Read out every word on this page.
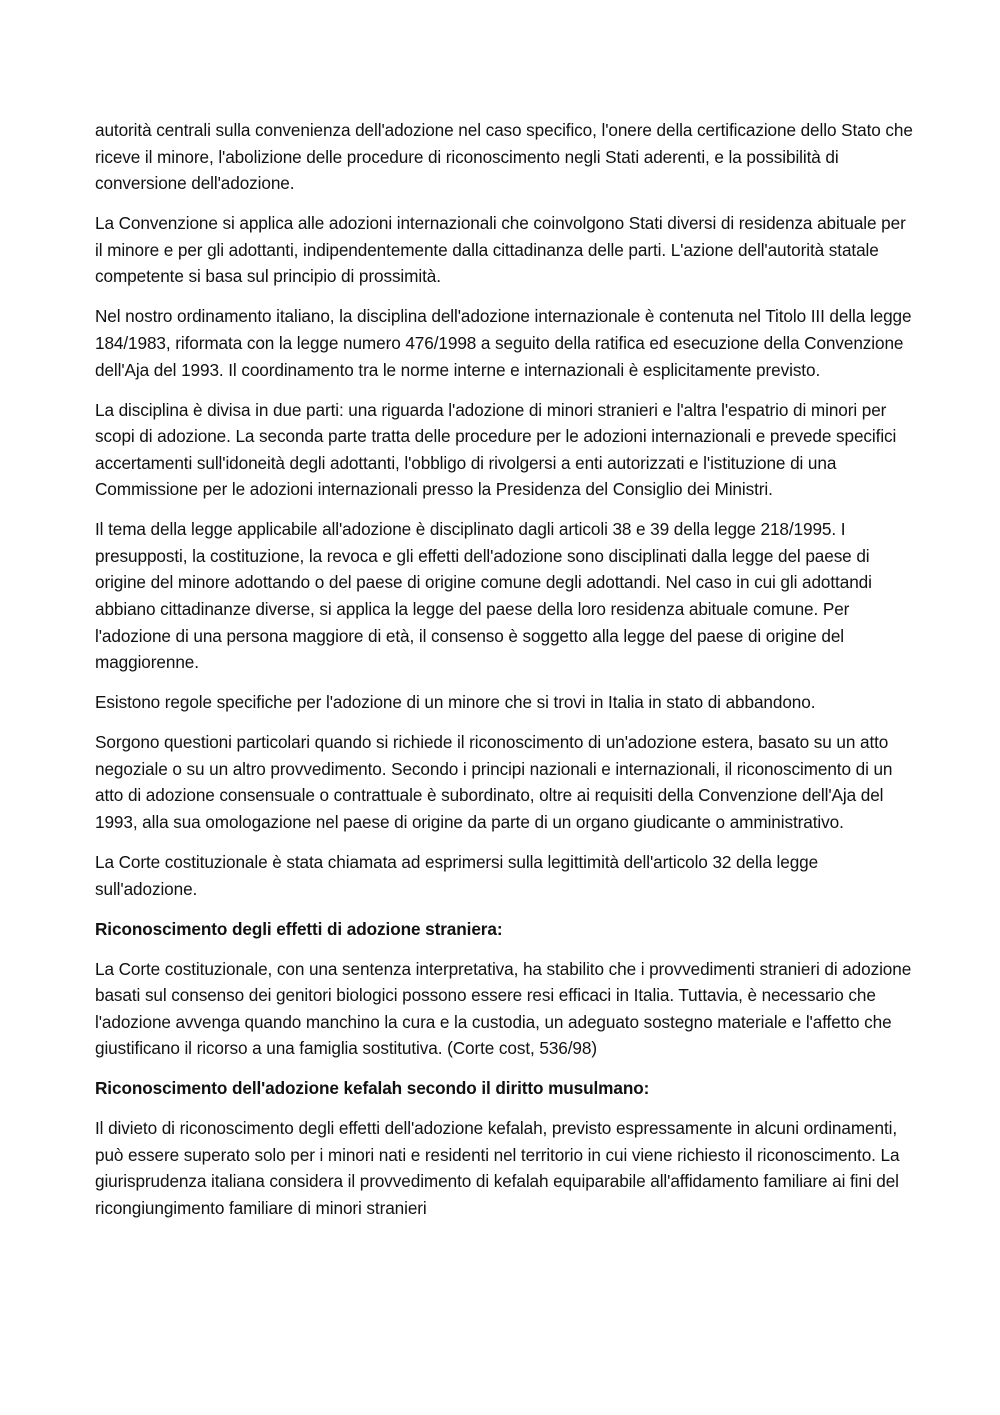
autorità centrali sulla convenienza dell'adozione nel caso specifico, l'onere della certificazione dello Stato che riceve il minore, l'abolizione delle procedure di riconoscimento negli Stati aderenti, e la possibilità di conversione dell'adozione.

La Convenzione si applica alle adozioni internazionali che coinvolgono Stati diversi di residenza abituale per il minore e per gli adottanti, indipendentemente dalla cittadinanza delle parti. L'azione dell'autorità statale competente si basa sul principio di prossimità.

Nel nostro ordinamento italiano, la disciplina dell'adozione internazionale è contenuta nel Titolo III della legge 184/1983, riformata con la legge numero 476/1998 a seguito della ratifica ed esecuzione della Convenzione dell'Aja del 1993. Il coordinamento tra le norme interne e internazionali è esplicitamente previsto.

La disciplina è divisa in due parti: una riguarda l'adozione di minori stranieri e l'altra l'espatrio di minori per scopi di adozione. La seconda parte tratta delle procedure per le adozioni internazionali e prevede specifici accertamenti sull'idoneità degli adottanti, l'obbligo di rivolgersi a enti autorizzati e l'istituzione di una Commissione per le adozioni internazionali presso la Presidenza del Consiglio dei Ministri.

Il tema della legge applicabile all'adozione è disciplinato dagli articoli 38 e 39 della legge 218/1995. I presupposti, la costituzione, la revoca e gli effetti dell'adozione sono disciplinati dalla legge del paese di origine del minore adottando o del paese di origine comune degli adottandi. Nel caso in cui gli adottandi abbiano cittadinanze diverse, si applica la legge del paese della loro residenza abituale comune. Per l'adozione di una persona maggiore di età, il consenso è soggetto alla legge del paese di origine del maggiorenne.

Esistono regole specifiche per l'adozione di un minore che si trovi in Italia in stato di abbandono.

Sorgono questioni particolari quando si richiede il riconoscimento di un'adozione estera, basato su un atto negoziale o su un altro provvedimento. Secondo i principi nazionali e internazionali, il riconoscimento di un atto di adozione consensuale o contrattuale è subordinato, oltre ai requisiti della Convenzione dell'Aja del 1993, alla sua omologazione nel paese di origine da parte di un organo giudicante o amministrativo.

La Corte costituzionale è stata chiamata ad esprimersi sulla legittimità dell'articolo 32 della legge sull'adozione.

Riconoscimento degli effetti di adozione straniera:

La Corte costituzionale, con una sentenza interpretativa, ha stabilito che i provvedimenti stranieri di adozione basati sul consenso dei genitori biologici possono essere resi efficaci in Italia. Tuttavia, è necessario che l'adozione avvenga quando manchino la cura e la custodia, un adeguato sostegno materiale e l'affetto che giustificano il ricorso a una famiglia sostitutiva. (Corte cost, 536/98)

Riconoscimento dell'adozione kefalah secondo il diritto musulmano:

Il divieto di riconoscimento degli effetti dell'adozione kefalah, previsto espressamente in alcuni ordinamenti, può essere superato solo per i minori nati e residenti nel territorio in cui viene richiesto il riconoscimento. La giurisprudenza italiana considera il provvedimento di kefalah equiparabile all'affidamento familiare ai fini del ricongiungimento familiare di minori stranieri
